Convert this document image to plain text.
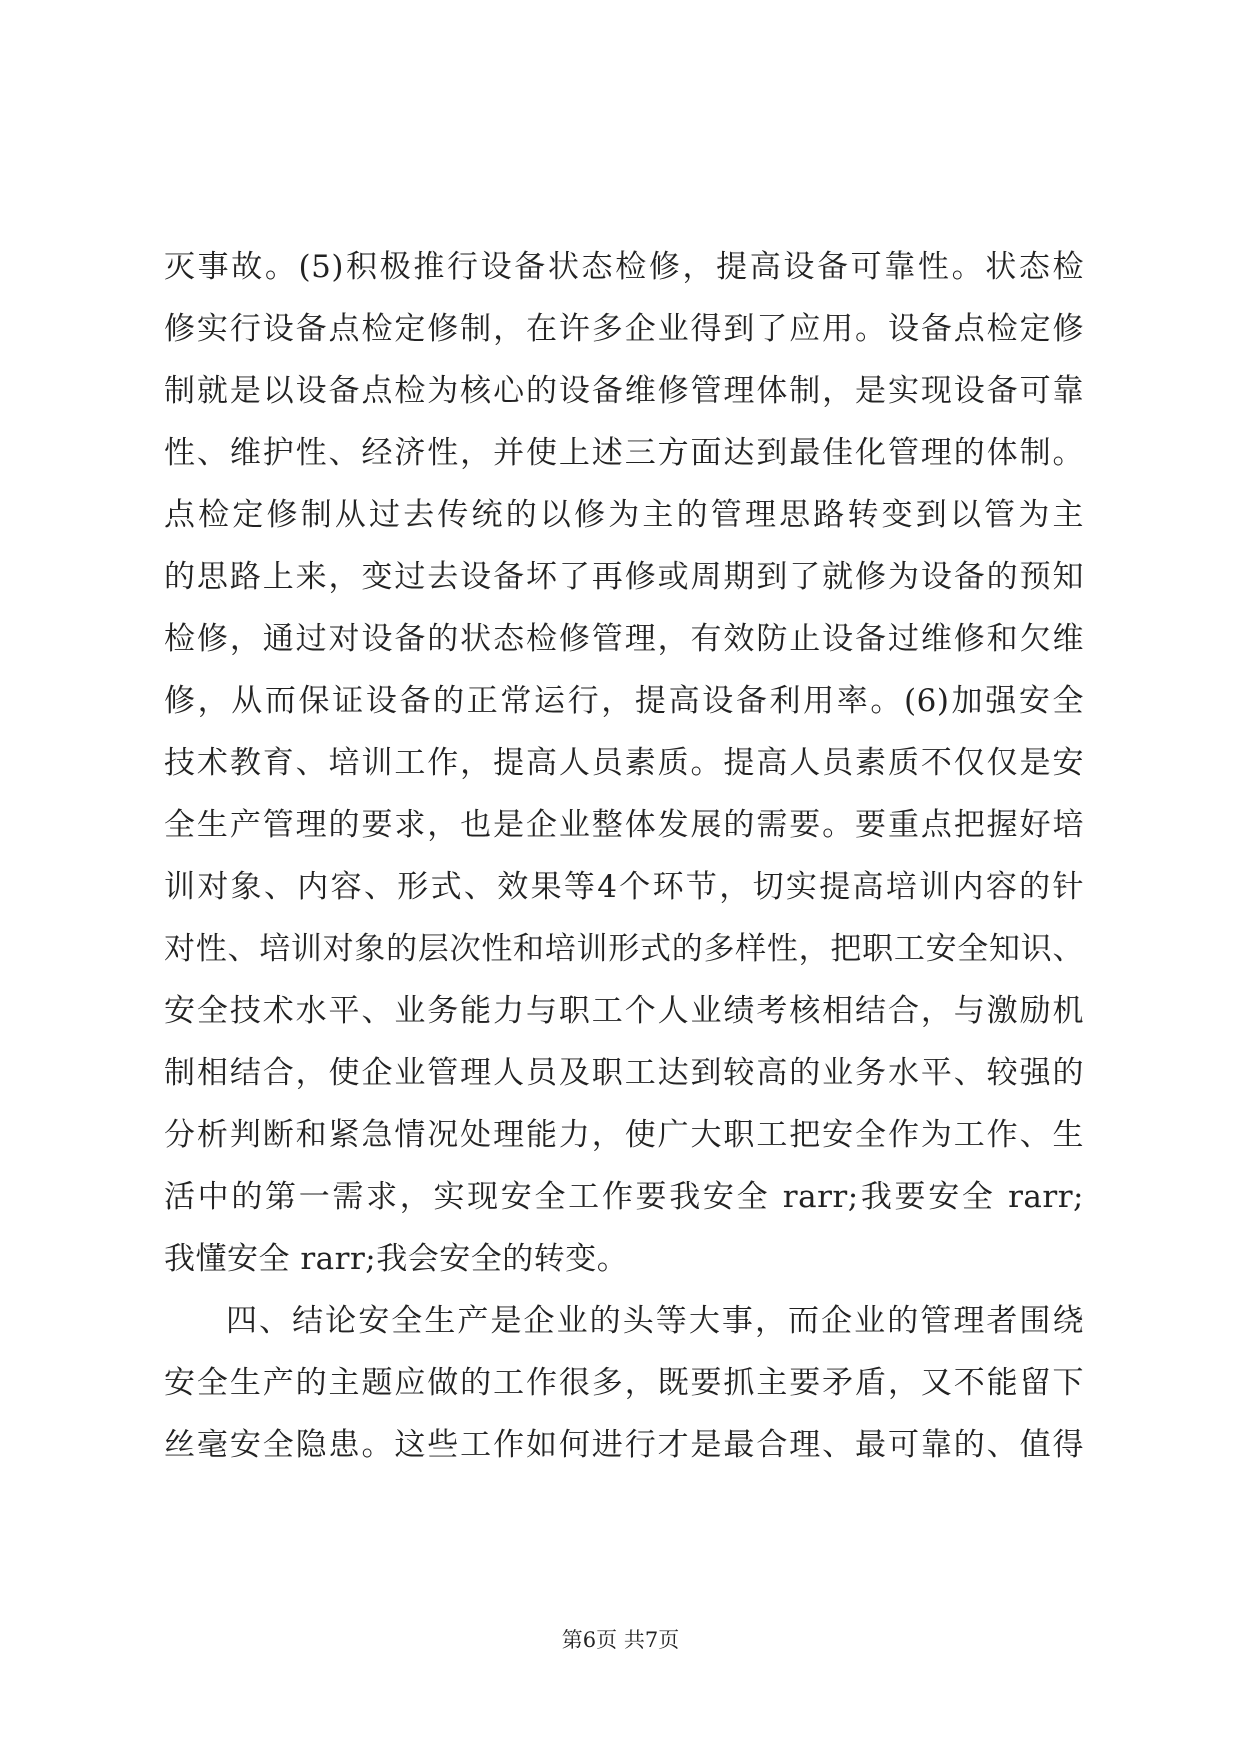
灭事故。(5)积极推行设备状态检修，提高设备可靠性。状态检
修实行设备点检定修制，在许多企业得到了应用。设备点检定修
制就是以设备点检为核心的设备维修管理体制，是实现设备可靠
性、维护性、经济性，并使上述三方面达到最佳化管理的体制。
点检定修制从过去传统的以修为主的管理思路转变到以管为主
的思路上来，变过去设备坏了再修或周期到了就修为设备的预知
检修，通过对设备的状态检修管理，有效防止设备过维修和欠维
修，从而保证设备的正常运行，提高设备利用率。(6)加强安全
技术教育、培训工作，提高人员素质。提高人员素质不仅仅是安
全生产管理的要求，也是企业整体发展的需要。要重点把握好培
训对象、内容、形式、效果等4个环节，切实提高培训内容的针
对性、培训对象的层次性和培训形式的多样性，把职工安全知识、
安全技术水平、业务能力与职工个人业绩考核相结合，与激励机
制相结合，使企业管理人员及职工达到较高的业务水平、较强的
分析判断和紧急情况处理能力，使广大职工把安全作为工作、生
活中的第一需求，实现安全工作要我安全 rarr;我要安全 rarr;
我懂安全 rarr;我会安全的转变。
四、结论安全生产是企业的头等大事，而企业的管理者围绕
安全生产的主题应做的工作很多，既要抓主要矛盾，又不能留下
丝毫安全隐患。这些工作如何进行才是最合理、最可靠的、值得
第6页 共7页
